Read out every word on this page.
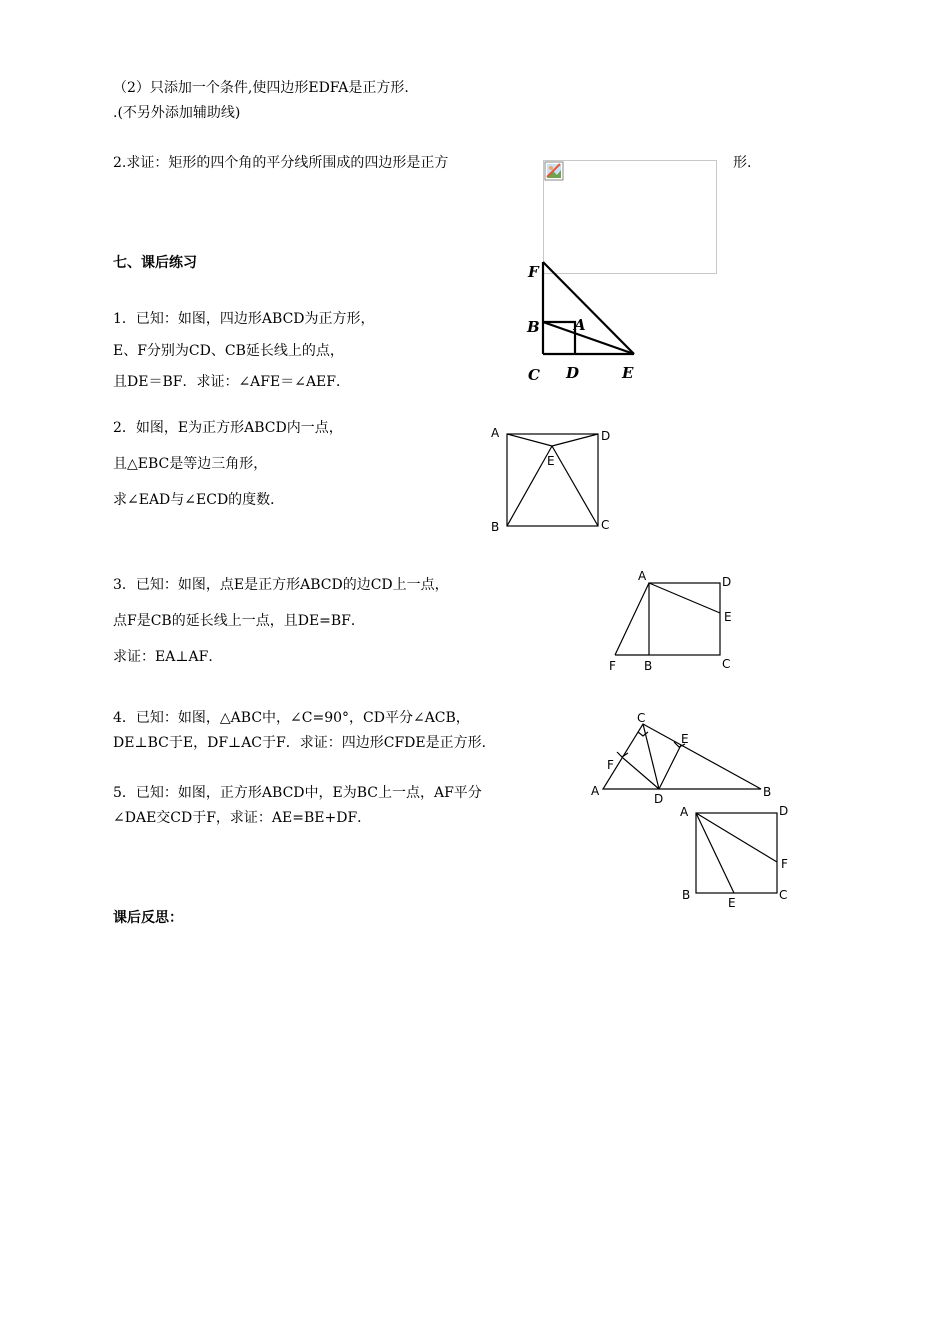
（2）只添加一个条件,使四边形EDFA是正方形.
.(不另外添加辅助线)
2.求证：矩形的四个角的平分线所围成的四边形是正方	形.
七、课后练习
1．已知：如图，四边形ABCD为正方形，
E、F分别为CD、CB延长线上的点，
且DE＝BF．求证：∠AFE＝∠AEF．
2．如图，E为正方形ABCD内一点，
且△EBC是等边三角形，
求∠EAD与∠ECD的度数．
3．已知：如图，点E是正方形ABCD的边CD上一点，
点F是CB的延长线上一点，且DE=BF．
求证：EA⊥AF．
4．已知：如图，△ABC中，∠C=90°，CD平分∠ACB，
DE⊥BC于E，DF⊥AC于F．求证：四边形CFDE是正方形．
5．已知：如图，正方形ABCD中，E为BC上一点，AF平分
∠DAE交CD于F，求证：AE=BE+DF．
课后反思：
F
B A
C D	E
A	D
E
B	C
A	D
E
F B	C
C
E
F
A
D	B
A	D
F
B
E
C
